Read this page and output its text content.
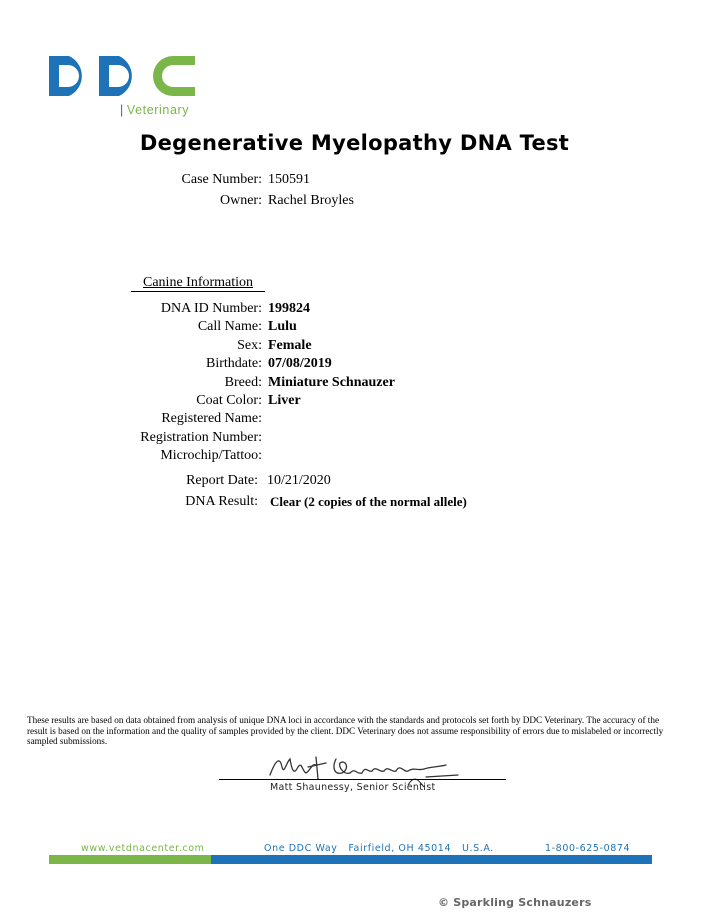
| Veterinary
Degenerative Myelopathy DNA Test
Case Number: 150591
Owner: Rachel Broyles
Canine Information
DNA ID Number: 199824
Call Name: Lulu
Sex: Female
Birthdate: 07/08/2019
Breed: Miniature Schnauzer
Coat Color: Liver
Registered Name:
Registration Number:
Microchip/Tattoo:
Report Date: 10/21/2020
DNA Result: Clear (2 copies of the normal allele)
These results are based on data obtained from analysis of unique DNA loci in accordance with the standards and protocols set forth by DDC Veterinary. The accuracy of the result is based on the information and the quality of samples provided by the client. DDC Veterinary does not assume responsibility of errors due to mislabeled or incorrectly sampled submissions.
Matt Shaunessy, Senior Scientist
www.vetdnacenter.com	One DDC Way   Fairfield, OH 45014   U.S.A.	1-800-625-0874
© Sparkling Schnauzers
